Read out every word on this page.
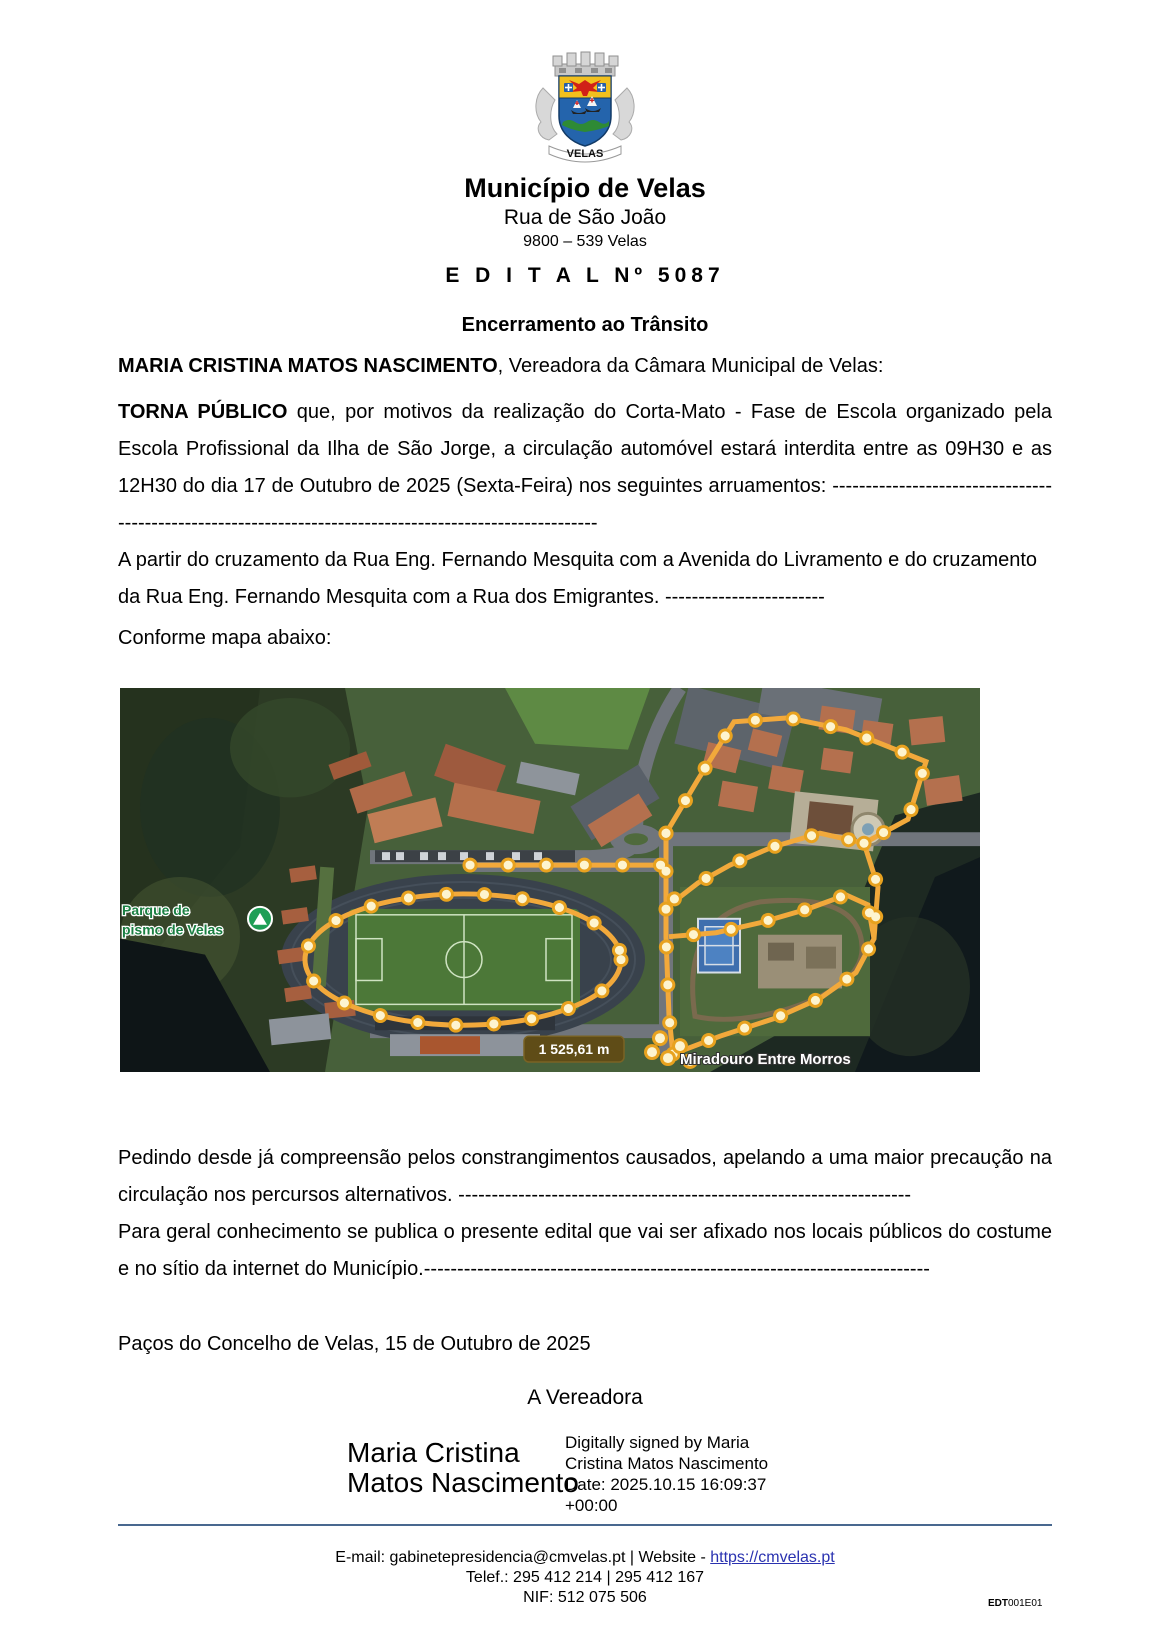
VELAS
Município de Velas
Rua de São João
9800 – 539 Velas
E D I T A L Nº 5087
Encerramento ao Trânsito
MARIA CRISTINA MATOS NASCIMENTO, Vereadora da Câmara Municipal de Velas:
TORNA PÚBLICO que, por motivos da realização do Corta-Mato - Fase de Escola organizado pela Escola Profissional da Ilha de São Jorge, a circulação automóvel estará interdita entre as 09H30 e as 12H30 do dia 17 de Outubro de 2025 (Sexta-Feira) nos seguintes arruamentos: ---------------------------------------------------------------------------------------------------------
A partir do cruzamento da Rua Eng. Fernando Mesquita com a Avenida do Livramento e do cruzamento da Rua Eng. Fernando Mesquita com a Rua dos Emigrantes. ------------------------
Conforme mapa abaixo:
Parque de
pismo de Velas
1 525,61 m
Miradouro Entre Morros

Pedindo desde já compreensão pelos constrangimentos causados, apelando a uma maior precaução na circulação nos percursos alternativos. --------------------------------------------------------------------

Para geral conhecimento se publica o presente edital que vai ser afixado nos locais públicos do costume e no sítio da internet do Município.----------------------------------------------------------------------------

Paços do Concelho de Velas, 15 de Outubro de 2025
A Vereadora
Maria Cristina
Matos Nascimento
Digitally signed by Maria
Cristina Matos Nascimento
Date: 2025.10.15 16:09:37
+00:00
E-mail: gabinetepresidencia@cmvelas.pt | Website - https://cmvelas.pt
Telef.: 295 412 214 | 295 412 167
NIF: 512 075 506	EDT001E01
